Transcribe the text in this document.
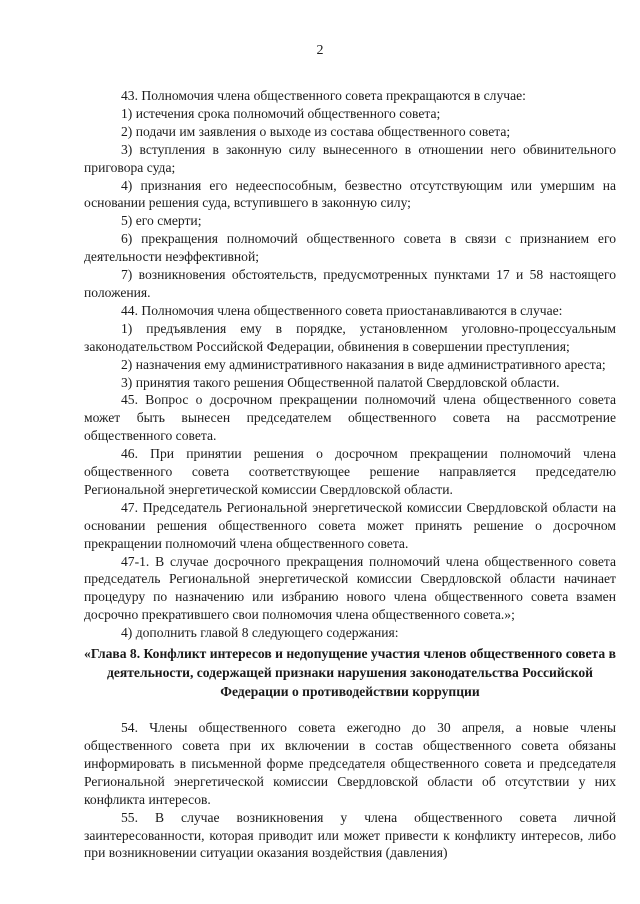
2

43. Полномочия члена общественного совета прекращаются в случае:

1) истечения срока полномочий общественного совета;

2) подачи им заявления о выходе из состава общественного совета;

3) вступления в законную силу вынесенного в отношении него обвинительного приговора суда;

4) признания его недееспособным, безвестно отсутствующим или умершим на основании решения суда, вступившего в законную силу;

5) его смерти;

6) прекращения полномочий общественного совета в связи с признанием его деятельности неэффективной;

7) возникновения обстоятельств, предусмотренных пунктами 17 и 58 настоящего положения.

44. Полномочия члена общественного совета приостанавливаются в случае:

1) предъявления ему в порядке, установленном уголовно-процессуальным законодательством Российской Федерации, обвинения в совершении преступления;

2) назначения ему административного наказания в виде административного ареста;

3) принятия такого решения Общественной палатой Свердловской области.

45. Вопрос о досрочном прекращении полномочий члена общественного совета может быть вынесен председателем общественного совета на рассмотрение общественного совета.

46. При принятии решения о досрочном прекращении полномочий члена общественного совета соответствующее решение направляется председателю Региональной энергетической комиссии Свердловской области.

47. Председатель Региональной энергетической комиссии Свердловской области на основании решения общественного совета может принять решение о досрочном прекращении полномочий члена общественного совета.

47-1. В случае досрочного прекращения полномочий члена общественного совета председатель Региональной энергетической комиссии Свердловской области начинает процедуру по назначению или избранию нового члена общественного совета взамен досрочно прекратившего свои полномочия члена общественного совета.»;

4) дополнить главой 8 следующего содержания:

«Глава 8. Конфликт интересов и недопущение участия членов общественного совета в деятельности, содержащей признаки нарушения законодательства Российской Федерации о противодействии коррупции

54. Члены общественного совета ежегодно до 30 апреля, а новые члены общественного совета при их включении в состав общественного совета обязаны информировать в письменной форме председателя общественного совета и председателя Региональной энергетической комиссии Свердловской области об отсутствии у них конфликта интересов.

55. В случае возникновения у члена общественного совета личной заинтересованности, которая приводит или может привести к конфликту интересов, либо при возникновении ситуации оказания воздействия (давления)
